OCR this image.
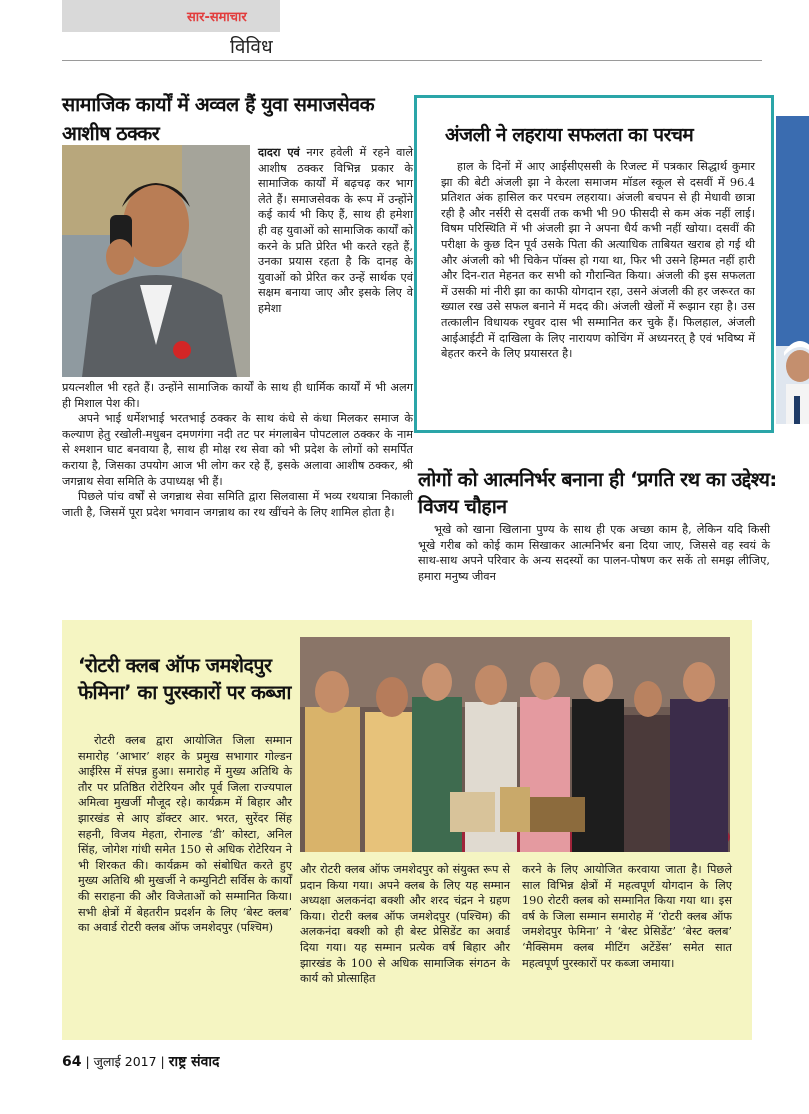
सार-समाचार
विविध
सामाजिक कार्यों में अव्वल हैं युवा समाजसेवक आशीष ठक्कर
दादरा एवं नगर हवेली में रहने वाले आशीष ठक्कर विभिन्न प्रकार के सामाजिक कार्यों में बढ़चढ़ कर भाग लेते हैं। समाजसेवक के रूप में उन्होंने कई कार्य भी किए हैं, साथ ही हमेशा ही वह युवाओं को सामाजिक कार्यों को करने के प्रति प्रेरित भी करते रहते हैं, उनका प्रयास रहता है कि दानह के युवाओं को प्रेरित कर उन्हें सार्थक एवं सक्षम बनाया जाए और इसके लिए वे हमेशा

प्रयत्नशील भी रहते हैं। उन्होंने सामाजिक कार्यों के साथ ही धार्मिक कार्यों में भी अलग ही मिशाल पेश की।

अपने भाई धर्मेशभाई भरतभाई ठक्कर के साथ कंधे से कंधा मिलकर समाज के कल्याण हेतु रखोली-मधुबन दमणगंगा नदी तट पर मंगलाबेन पोपटलाल ठक्कर के नाम से श्मशान घाट बनवाया है, साथ ही मोक्ष रथ सेवा को भी प्रदेश के लोगों को समर्पित कराया है, जिसका उपयोग आज भी लोग कर रहे हैं, इसके अलावा आशीष ठक्कर, श्री जगन्नाथ सेवा समिति के उपाध्यक्ष भी हैं।

पिछले पांच वर्षों से जगन्नाथ सेवा समिति द्वारा सिलवासा में भव्य रथयात्रा निकाली जाती है, जिसमें पूरा प्रदेश भगवान जगन्नाथ का रथ खींचने के लिए शामिल होता है।

अंजली ने लहराया सफलता का परचम

हाल के दिनों में आए आईसीएससी के रिजल्ट में पत्रकार सिद्धार्थ कुमार झा की बेटी अंजली झा ने केरला समाजम मॉडल स्कूल से दसवीं में 96.4 प्रतिशत अंक हासिल कर परचम लहराया। अंजली बचपन से ही मेधावी छात्रा रही है और नर्सरी से दसवीं तक कभी भी 90 फीसदी से कम अंक नहीं लाई। विषम परिस्थिति में भी अंजली झा ने अपना धैर्य कभी नहीं खोया। दसवीं की परीक्षा के कुछ दिन पूर्व उसके पिता की अत्याधिक ताबियत खराब हो गई थी और अंजली को भी चिकेन पॉक्स हो गया था, फिर भी उसने हिम्मत नहीं हारी और दिन-रात मेहनत कर सभी को गौरान्वित किया। अंजली की इस सफलता में उसकी मां नीरी झा का काफी योगदान रहा, उसने अंजली की हर जरूरत का ख्याल रख उसे सफल बनाने में मदद की। अंजली खेलों में रूझान रहा है। उस तत्कालीन विधायक रघुवर दास भी सम्मानित कर चुके हैं। फिलहाल, अंजली आईआईटी में दाखिला के लिए नारायण कोचिंग में अध्यनरत् है एवं भविष्य में बेहतर करने के लिए प्रयासरत है।

लोगों को आत्मनिर्भर बनाना ही ‘प्रगति रथ का उद्देश्य: विजय चौहान

भूखे को खाना खिलाना पुण्य के साथ ही एक अच्छा काम है, लेकिन यदि किसी भूखे गरीब को कोई काम सिखाकर आत्मनिर्भर बना दिया जाए, जिससे वह स्वयं के साथ-साथ अपने परिवार के अन्य सदस्यों का पालन-पोषण कर सकें तो समझ लीजिए, हमारा मनुष्य जीवन

‘रोटरी क्लब ऑफ जमशेदपुर फेमिना’ का पुरस्कारों पर कब्जा

रोटरी क्लब द्वारा आयोजित जिला सम्मान समारोह ‘आभार’ शहर के प्रमुख सभागार गोल्डन आईरिस में संपन्न हुआ। समारोह में मुख्य अतिथि के तौर पर प्रतिष्ठित रोटेरियन और पूर्व जिला राज्यपाल अमित्वा मुखर्जी मौजूद रहे। कार्यक्रम में बिहार और झारखंड से आए डॉक्टर आर. भरत, सुरेंदर सिंह सहनी, विजय मेहता, रोनाल्ड ‘डी’ कोस्टा, अनिल सिंह, जोगेश गांधी समेत 150 से अधिक रोटेरियन ने भी शिरकत की। कार्यक्रम को संबोधित करते हुए मुख्य अतिथि श्री मुखर्जी ने कम्युनिटी सर्विस के कार्यों की सराहना की और विजेताओं को सम्मानित किया। सभी क्षेत्रों में बेहतरीन प्रदर्शन के लिए ‘बेस्ट क्लब’ का अवार्ड रोटरी क्लब ऑफ जमशेदपुर (पश्चिम)

और रोटरी क्लब ऑफ जमशेदपुर को संयुक्त रूप से प्रदान किया गया। अपने क्लब के लिए यह सम्मान अध्यक्षा अलकनंदा बक्शी और शरद चंद्रन ने ग्रहण किया। रोटरी क्लब ऑफ जमशेदपुर (पश्चिम) की अलकनंदा बक्शी को ही बेस्ट प्रेसिडेंट का अवार्ड दिया गया। यह सम्मान प्रत्येक वर्ष बिहार और झारखंड के 100 से अधिक सामाजिक संगठन के कार्य को प्रोत्साहित

करने के लिए आयोजित करवाया जाता है। पिछले साल विभिन्न क्षेत्रों में महत्वपूर्ण योगदान के लिए 190 रोटरी क्लब को सम्मानित किया गया था। इस वर्ष के जिला सम्मान समारोह में ‘रोटरी क्लब ऑफ जमशेदपुर फेमिना’ ने ‘बेस्ट प्रेसिडेंट’ ‘बेस्ट क्लब’ ‘मैक्सिमम क्लब मीटिंग अटेंडेंस’ समेत सात महत्वपूर्ण पुरस्कारों पर कब्जा जमाया।

64 | जुलाई 2017 | राष्ट्र संवाद
